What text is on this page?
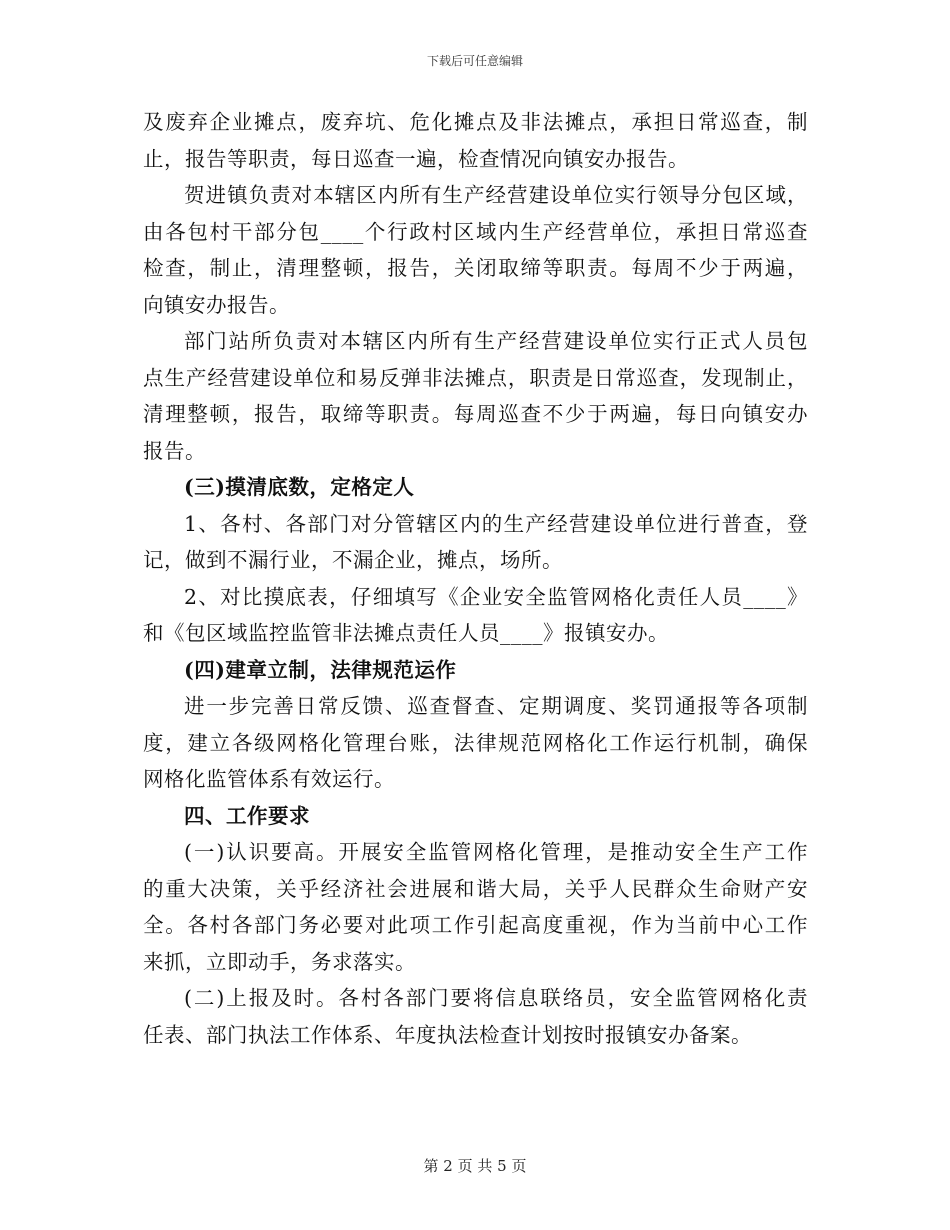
下载后可任意编辑
及废弃企业摊点，废弃坑、危化摊点及非法摊点，承担日常巡查，制
止，报告等职责，每日巡查一遍，检查情况向镇安办报告。
贺进镇负责对本辖区内所有生产经营建设单位实行领导分包区域，
由各包村干部分包____个行政村区域内生产经营单位，承担日常巡查
检查，制止，清理整顿，报告，关闭取缔等职责。每周不少于两遍，
向镇安办报告。
部门站所负责对本辖区内所有生产经营建设单位实行正式人员包
点生产经营建设单位和易反弹非法摊点，职责是日常巡查，发现制止，
清理整顿，报告，取缔等职责。每周巡查不少于两遍，每日向镇安办
报告。
(三)摸清底数，定格定人
1、各村、各部门对分管辖区内的生产经营建设单位进行普查，登
记，做到不漏行业，不漏企业，摊点，场所。
2、对比摸底表，仔细填写《企业安全监管网格化责任人员____》
和《包区域监控监管非法摊点责任人员____》报镇安办。
(四)建章立制，法律规范运作
进一步完善日常反馈、巡查督查、定期调度、奖罚通报等各项制
度，建立各级网格化管理台账，法律规范网格化工作运行机制，确保
网格化监管体系有效运行。
四、工作要求
(一)认识要高。开展安全监管网格化管理，是推动安全生产工作
的重大决策，关乎经济社会进展和谐大局，关乎人民群众生命财产安
全。各村各部门务必要对此项工作引起高度重视，作为当前中心工作
来抓，立即动手，务求落实。
(二)上报及时。各村各部门要将信息联络员，安全监管网格化责
任表、部门执法工作体系、年度执法检查计划按时报镇安办备案。
第 2 页 共 5 页
